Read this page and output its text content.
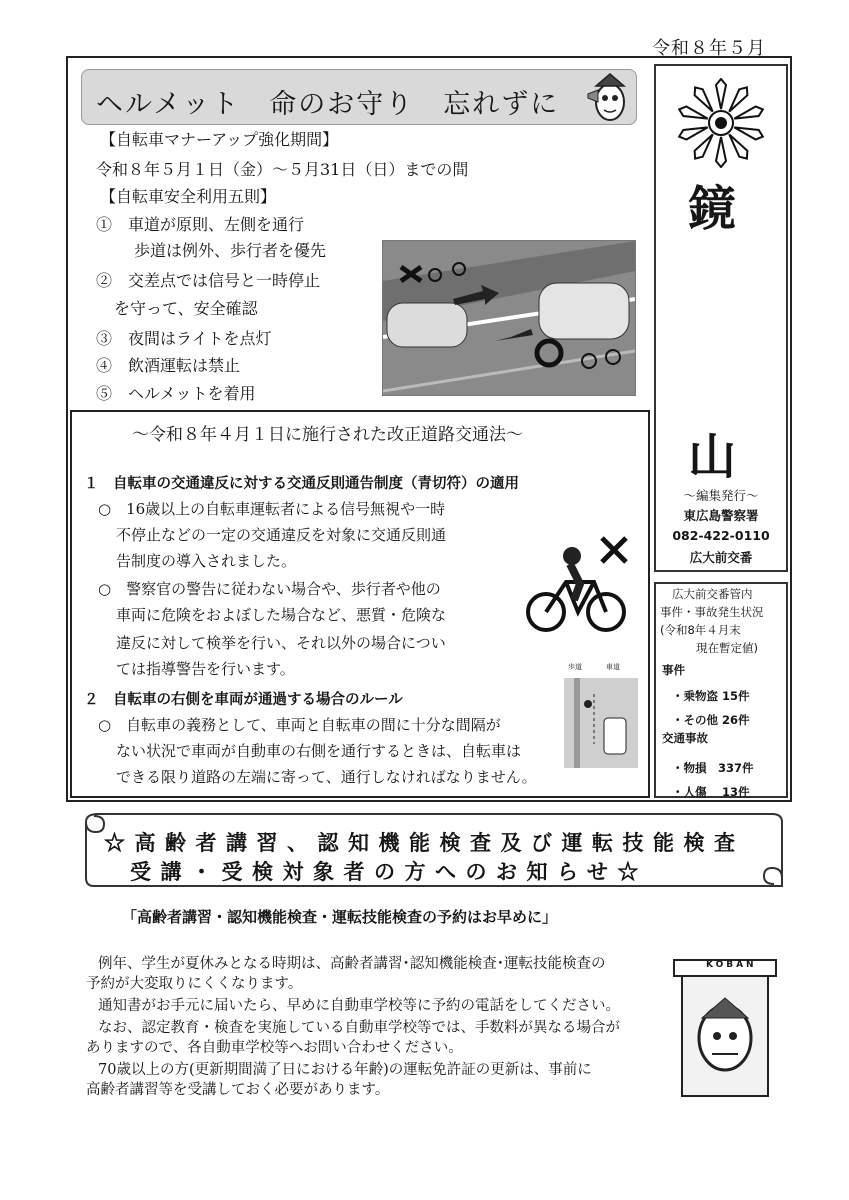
令和８年５月
ヘルメット　命のお守り　忘れずに
【自転車マナーアップ強化期間】
令和８年５月１日（金）～５月31日（日）までの間
【自転車安全利用五則】
①　車道が原則、左側を通行
歩道は例外、歩行者を優先
②　交差点では信号と一時停止
を守って、安全確認
③　夜間はライトを点灯
④　飲酒運転は禁止
⑤　ヘルメットを着用
鏡
山
～編集発行～
東広島警察署
082-422-0110
広大前交番
広大前交番管内
事件・事故発生状況
(令和8年４月末
現在暫定値)
事件
・乗物盗 15件
・その他 26件
交通事故
・物損　337件
・人傷　 13件
～令和８年４月１日に施行された改正道路交通法～
１　自転車の交通違反に対する交通反則通告制度（青切符）の適用
○　16歳以上の自転車運転者による信号無視や一時
不停止などの一定の交通違反を対象に交通反則通
告制度の導入されました。
○　警察官の警告に従わない場合や、歩行者や他の
車両に危険をおよぼした場合など、悪質・危険な
違反に対して検挙を行い、それ以外の場合につい
ては指導警告を行います。
２　自転車の右側を車両が通過する場合のルール
○　自転車の義務として、車両と自転車の間に十分な間隔が
ない状況で車両が自動車の右側を通行するときは、自転車は
できる限り道路の左端に寄って、通行しなければなりません。
歩道	車道
☆高齢者講習、認知機能検査及び運転技能検査
受講・受検対象者の方へのお知らせ☆
「高齢者講習・認知機能検査・運転技能検査の予約はお早めに」
例年、学生が夏休みとなる時期は、高齢者講習･認知機能検査･運転技能検査の
予約が大変取りにくくなります。
通知書がお手元に届いたら、早めに自動車学校等に予約の電話をしてください。
なお、認定教育・検査を実施している自動車学校等では、手数料が異なる場合が
ありますので、各自動車学校等へお問い合わせください。
70歳以上の方(更新期間満了日における年齢)の運転免許証の更新は、事前に
高齢者講習等を受講しておく必要があります。
KOBAN
